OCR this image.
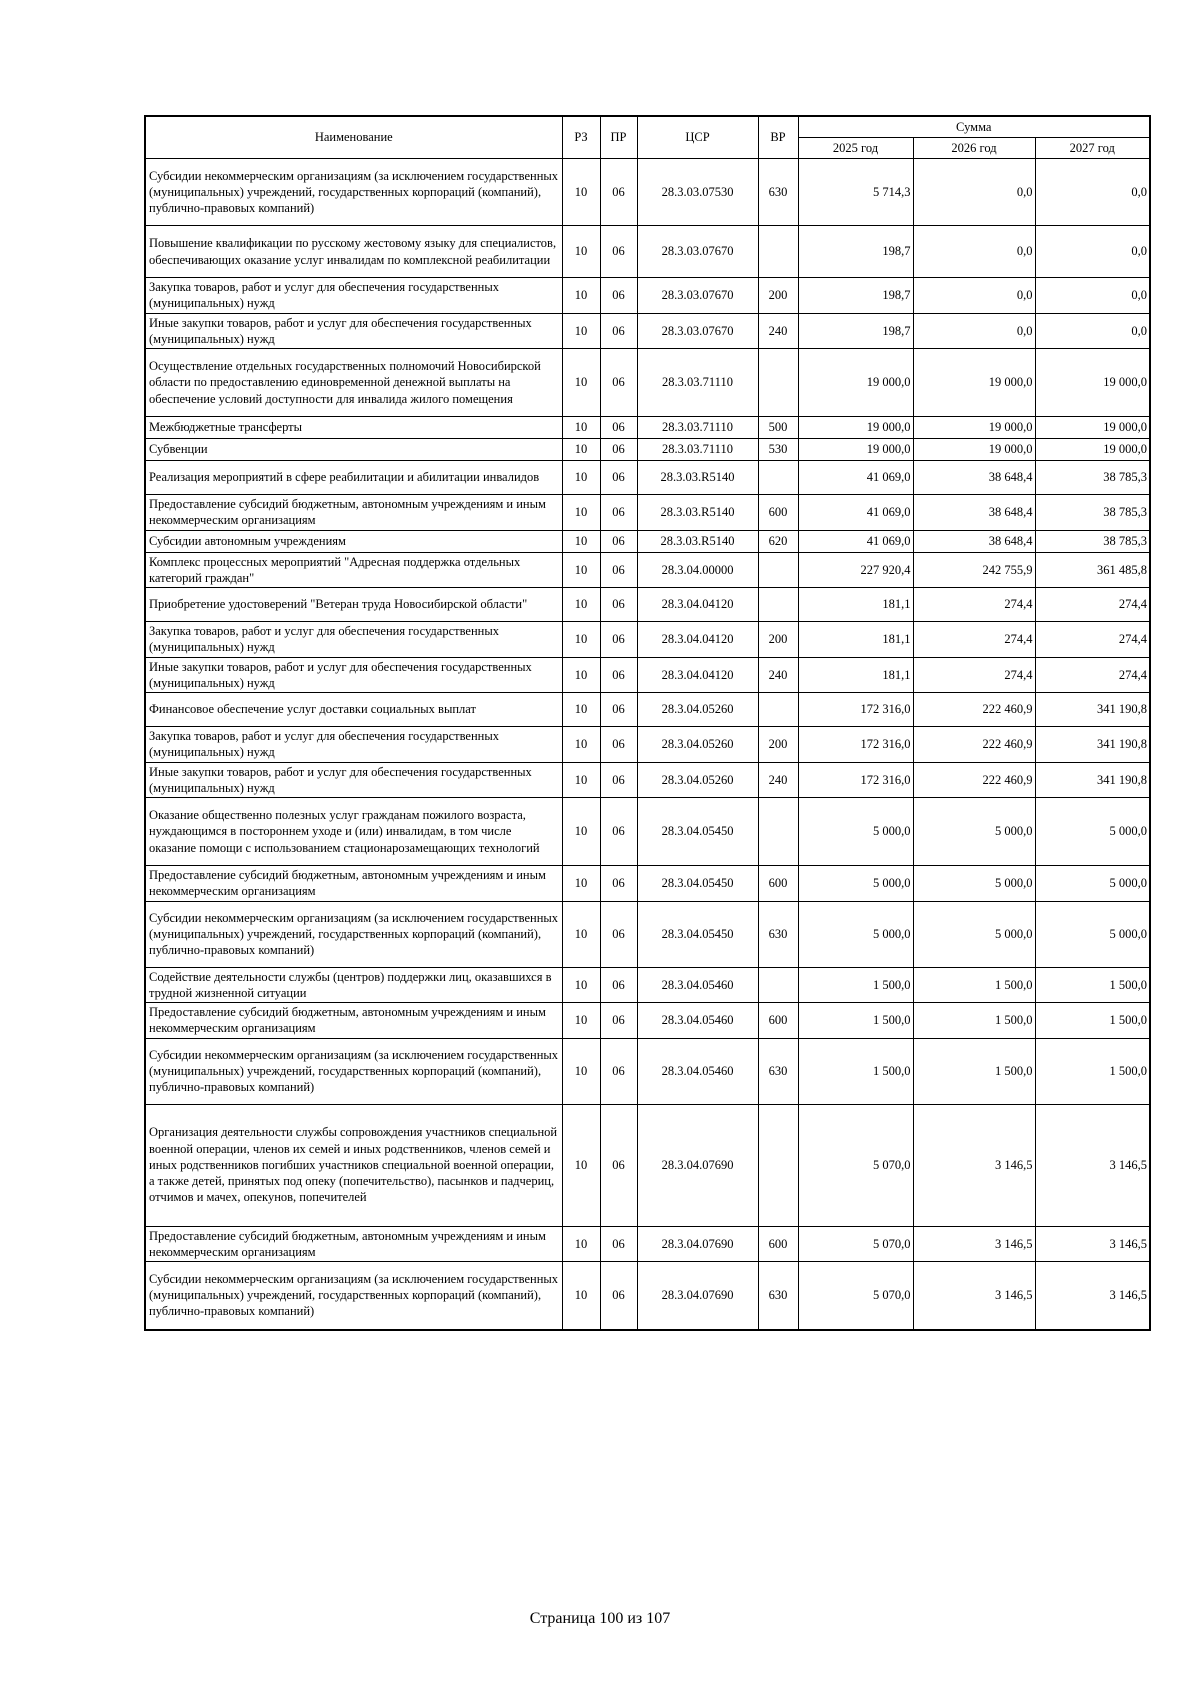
Наименование	РЗ	ПР	ЦСР	ВР	Сумма		
					2025 год	2026 год	2027 год
Субсидии некоммерческим организациям (за исключением государственных (муниципальных) учреждений, государственных корпораций (компаний), публично-правовых компаний)	10	06	28.3.03.07530	630	5 714,3	0,0	0,0
Повышение квалификации по русскому жестовому языку для специалистов, обеспечивающих оказание услуг инвалидам по комплексной реабилитации	10	06	28.3.03.07670		198,7	0,0	0,0
Закупка товаров, работ и услуг для обеспечения государственных (муниципальных) нужд	10	06	28.3.03.07670	200	198,7	0,0	0,0
Иные закупки товаров, работ и услуг для обеспечения государственных (муниципальных) нужд	10	06	28.3.03.07670	240	198,7	0,0	0,0
Осуществление отдельных государственных полномочий Новосибирской области по предоставлению единовременной денежной выплаты на обеспечение условий доступности для инвалида жилого помещения	10	06	28.3.03.71110		19 000,0	19 000,0	19 000,0
Межбюджетные трансферты	10	06	28.3.03.71110	500	19 000,0	19 000,0	19 000,0
Субвенции	10	06	28.3.03.71110	530	19 000,0	19 000,0	19 000,0
Реализация мероприятий в сфере реабилитации и абилитации инвалидов	10	06	28.3.03.R5140		41 069,0	38 648,4	38 785,3
Предоставление субсидий бюджетным, автономным учреждениям и иным некоммерческим организациям	10	06	28.3.03.R5140	600	41 069,0	38 648,4	38 785,3
Субсидии автономным учреждениям	10	06	28.3.03.R5140	620	41 069,0	38 648,4	38 785,3
Комплекс процессных мероприятий "Адресная поддержка отдельных категорий граждан"	10	06	28.3.04.00000		227 920,4	242 755,9	361 485,8
Приобретение удостоверений "Ветеран труда Новосибирской области"	10	06	28.3.04.04120		181,1	274,4	274,4
Закупка товаров, работ и услуг для обеспечения государственных (муниципальных) нужд	10	06	28.3.04.04120	200	181,1	274,4	274,4
Иные закупки товаров, работ и услуг для обеспечения государственных (муниципальных) нужд	10	06	28.3.04.04120	240	181,1	274,4	274,4
Финансовое обеспечение услуг доставки социальных выплат	10	06	28.3.04.05260		172 316,0	222 460,9	341 190,8
Закупка товаров, работ и услуг для обеспечения государственных (муниципальных) нужд	10	06	28.3.04.05260	200	172 316,0	222 460,9	341 190,8
Иные закупки товаров, работ и услуг для обеспечения государственных (муниципальных) нужд	10	06	28.3.04.05260	240	172 316,0	222 460,9	341 190,8
Оказание общественно полезных услуг гражданам пожилого возраста, нуждающимся в постороннем уходе и (или) инвалидам, в том числе оказание помощи с использованием стационарозамещающих технологий	10	06	28.3.04.05450		5 000,0	5 000,0	5 000,0
Предоставление субсидий бюджетным, автономным учреждениям и иным некоммерческим организациям	10	06	28.3.04.05450	600	5 000,0	5 000,0	5 000,0
Субсидии некоммерческим организациям (за исключением государственных (муниципальных) учреждений, государственных корпораций (компаний), публично-правовых компаний)	10	06	28.3.04.05450	630	5 000,0	5 000,0	5 000,0
Содействие деятельности службы (центров) поддержки лиц, оказавшихся в трудной жизненной ситуации	10	06	28.3.04.05460		1 500,0	1 500,0	1 500,0
Предоставление субсидий бюджетным, автономным учреждениям и иным некоммерческим организациям	10	06	28.3.04.05460	600	1 500,0	1 500,0	1 500,0
Субсидии некоммерческим организациям (за исключением государственных (муниципальных) учреждений, государственных корпораций (компаний), публично-правовых компаний)	10	06	28.3.04.05460	630	1 500,0	1 500,0	1 500,0
Организация деятельности службы сопровождения участников специальной военной операции, членов их семей и иных родственников, членов семей и иных родственников погибших участников специальной военной операции, а также детей, принятых под опеку (попечительство), пасынков и падчериц, отчимов и мачех, опекунов, попечителей	10	06	28.3.04.07690		5 070,0	3 146,5	3 146,5
Предоставление субсидий бюджетным, автономным учреждениям и иным некоммерческим организациям	10	06	28.3.04.07690	600	5 070,0	3 146,5	3 146,5
Субсидии некоммерческим организациям (за исключением государственных (муниципальных) учреждений, государственных корпораций (компаний), публично-правовых компаний)	10	06	28.3.04.07690	630	5 070,0	3 146,5	3 146,5
Страница 100 из 107
